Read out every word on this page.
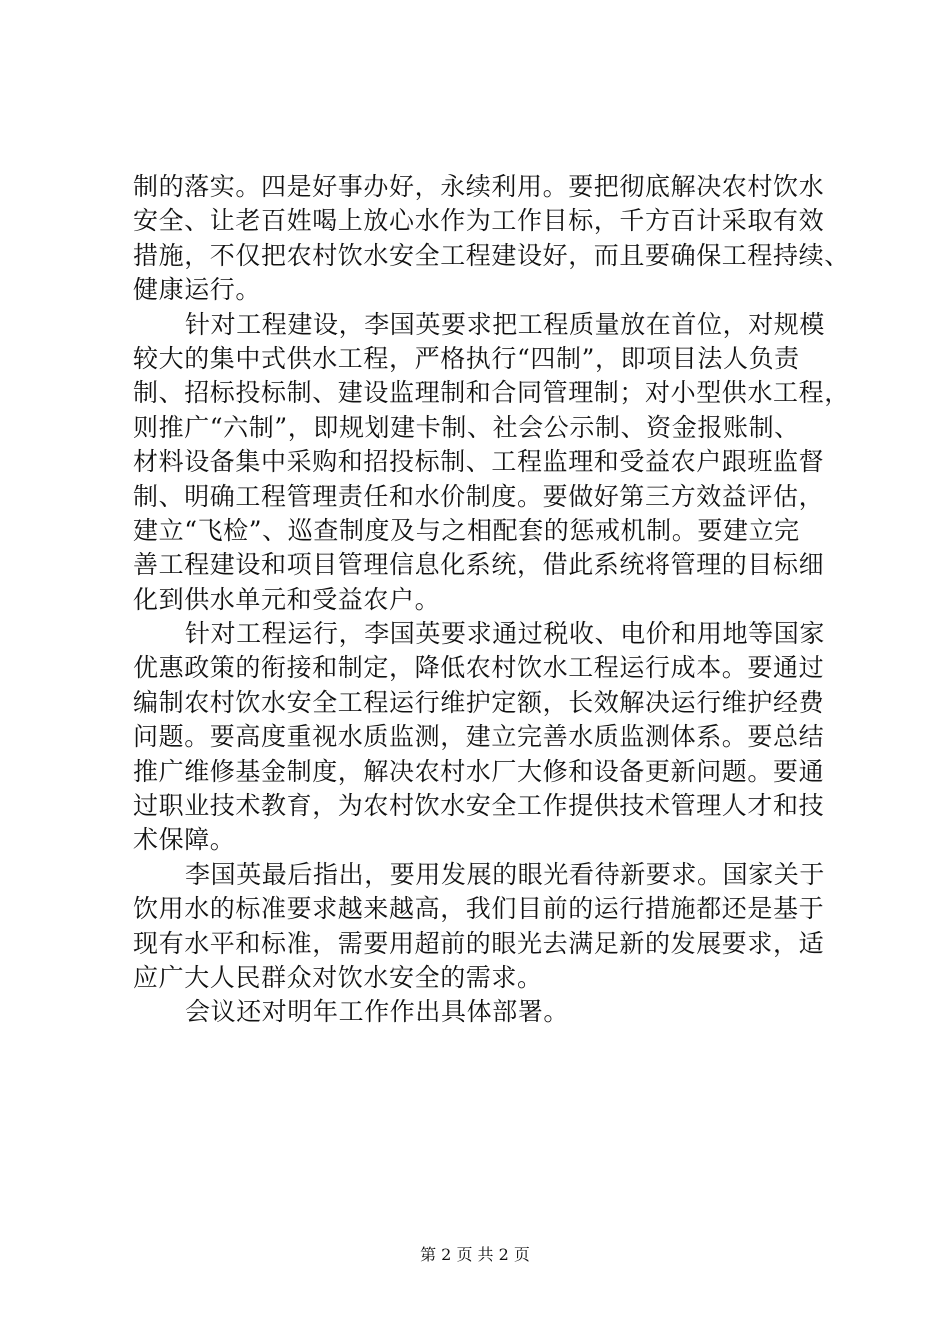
制的落实。四是好事办好，永续利用。要把彻底解决农村饮水
安全、让老百姓喝上放心水作为工作目标，千方百计采取有效
措施，不仅把农村饮水安全工程建设好，而且要确保工程持续、
健康运行。
针对工程建设，李国英要求把工程质量放在首位，对规模
较大的集中式供水工程，严格执行“四制”，即项目法人负责
制、招标投标制、建设监理制和合同管理制；对小型供水工程，
则推广“六制”，即规划建卡制、社会公示制、资金报账制、
材料设备集中采购和招投标制、工程监理和受益农户跟班监督
制、明确工程管理责任和水价制度。要做好第三方效益评估，
建立“飞检”、巡查制度及与之相配套的惩戒机制。要建立完
善工程建设和项目管理信息化系统，借此系统将管理的目标细
化到供水单元和受益农户。
针对工程运行，李国英要求通过税收、电价和用地等国家
优惠政策的衔接和制定，降低农村饮水工程运行成本。要通过
编制农村饮水安全工程运行维护定额，长效解决运行维护经费
问题。要高度重视水质监测，建立完善水质监测体系。要总结
推广维修基金制度，解决农村水厂大修和设备更新问题。要通
过职业技术教育，为农村饮水安全工作提供技术管理人才和技
术保障。
李国英最后指出，要用发展的眼光看待新要求。国家关于
饮用水的标准要求越来越高，我们目前的运行措施都还是基于
现有水平和标准，需要用超前的眼光去满足新的发展要求，适
应广大人民群众对饮水安全的需求。
会议还对明年工作作出具体部署。
第 2 页 共 2 页
